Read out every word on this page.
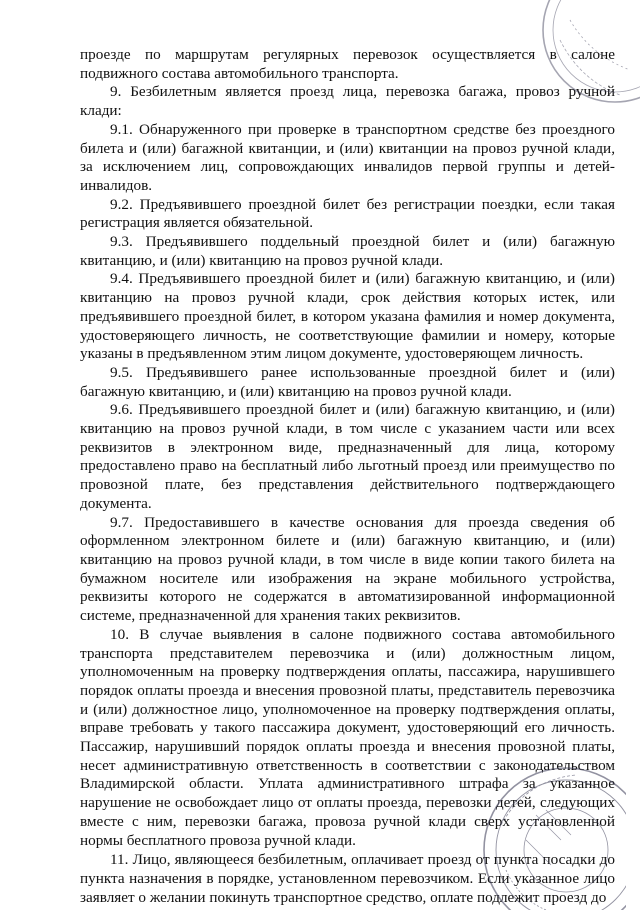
проезде по маршрутам регулярных перевозок осуществляется в салоне подвижного состава автомобильного транспорта.

9. Безбилетным является проезд лица, перевозка багажа, провоз ручной клади:

9.1. Обнаруженного при проверке в транспортном средстве без проездного билета и (или) багажной квитанции, и (или) квитанции на провоз ручной клади, за исключением лиц, сопровождающих инвалидов первой группы и детей-инвалидов.

9.2. Предъявившего проездной билет без регистрации поездки, если такая регистрация является обязательной.

9.3. Предъявившего поддельный проездной билет и (или) багажную квитанцию, и (или) квитанцию на провоз ручной клади.

9.4. Предъявившего проездной билет и (или) багажную квитанцию, и (или) квитанцию на провоз ручной клади, срок действия которых истек, или предъявившего проездной билет, в котором указана фамилия и номер документа, удостоверяющего личность, не соответствующие фамилии и номеру, которые указаны в предъявленном этим лицом документе, удостоверяющем личность.

9.5. Предъявившего ранее использованные проездной билет и (или) багажную квитанцию, и (или) квитанцию на провоз ручной клади.

9.6. Предъявившего проездной билет и (или) багажную квитанцию, и (или) квитанцию на провоз ручной клади, в том числе с указанием части или всех реквизитов в электронном виде, предназначенный для лица, которому предоставлено право на бесплатный либо льготный проезд или преимущество по провозной плате, без представления действительного подтверждающего документа.

9.7. Предоставившего в качестве основания для проезда сведения об оформленном электронном билете и (или) багажную квитанцию, и (или) квитанцию на провоз ручной клади, в том числе в виде копии такого билета на бумажном носителе или изображения на экране мобильного устройства, реквизиты которого не содержатся в автоматизированной информационной системе, предназначенной для хранения таких реквизитов.

10. В случае выявления в салоне подвижного состава автомобильного транспорта представителем перевозчика и (или) должностным лицом, уполномоченным на проверку подтверждения оплаты, пассажира, нарушившего порядок оплаты проезда и внесения провозной платы, представитель перевозчика и (или) должностное лицо, уполномоченное на проверку подтверждения оплаты, вправе требовать у такого пассажира документ, удостоверяющий его личность. Пассажир, нарушивший порядок оплаты проезда и внесения провозной платы, несет административную ответственность в соответствии с законодательством Владимирской области. Уплата административного штрафа за указанное нарушение не освобождает лицо от оплаты проезда, перевозки детей, следующих вместе с ним, перевозки багажа, провоза ручной клади сверх установленной нормы бесплатного провоза ручной клади.

11. Лицо, являющееся безбилетным, оплачивает проезд от пункта посадки до пункта назначения в порядке, установленном перевозчиком. Если указанное лицо заявляет о желании покинуть транспортное средство, оплате подлежит проезд до
